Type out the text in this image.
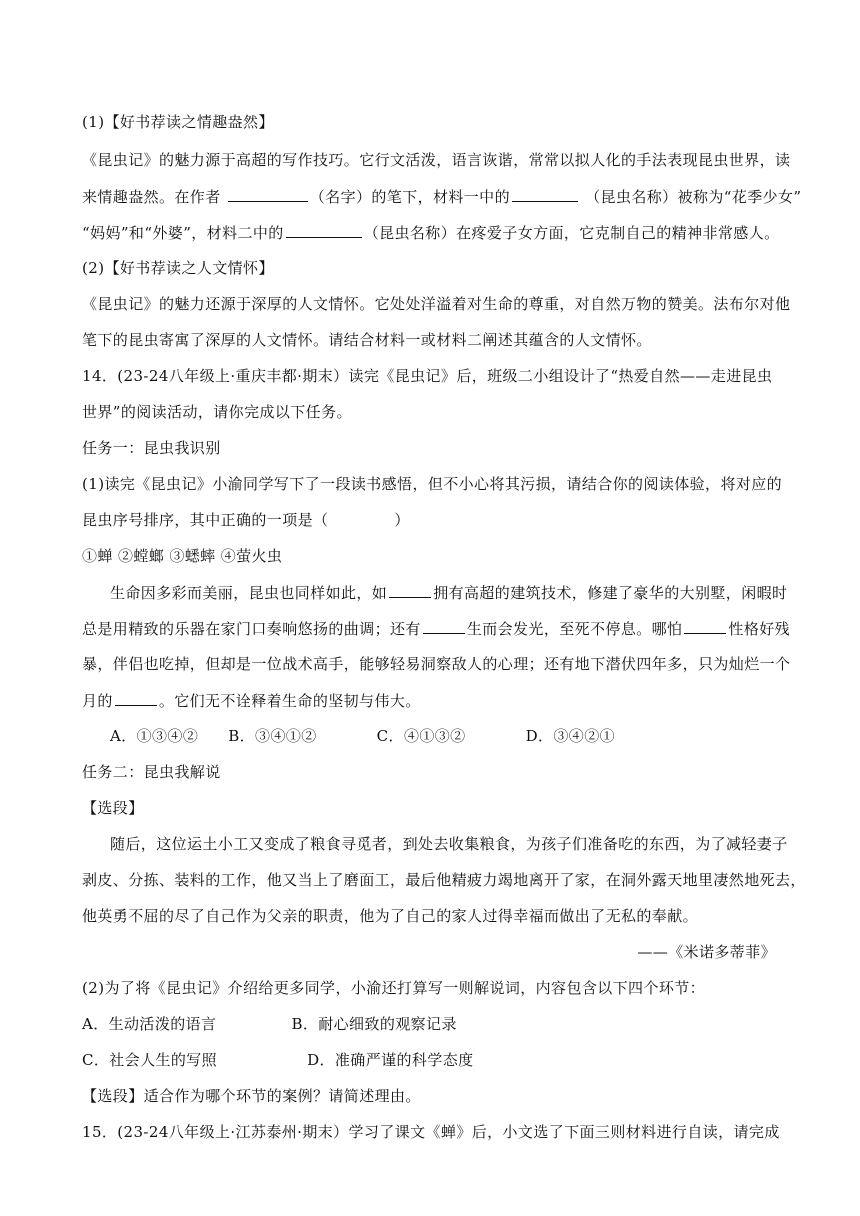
(1)【好书荐读之情趣盎然】
《昆虫记》的魅力源于高超的写作技巧。它行文活泼，语言诙谐，常常以拟人化的手法表现昆虫世界，读
来情趣盎然。在作者	（名字）的笔下，材料一中的	（昆虫名称）被称为“花季少女”
“妈妈”和“外婆”，材料二中的	（昆虫名称）在疼爱子女方面，它克制自己的精神非常感人。
(2)【好书荐读之人文情怀】
《昆虫记》的魅力还源于深厚的人文情怀。它处处洋溢着对生命的尊重，对自然万物的赞美。法布尔对他
笔下的昆虫寄寓了深厚的人文情怀。请结合材料一或材料二阐述其蕴含的人文情怀。
14．(23-24八年级上·重庆丰都·期末）读完《昆虫记》后，班级二小组设计了“热爱自然——走进昆虫
世界”的阅读活动，请你完成以下任务。
任务一：昆虫我识别
(1)读完《昆虫记》小渝同学写下了一段读书感悟，但不小心将其污损，请结合你的阅读体验，将对应的
昆虫序号排序，其中正确的一项是（	）
①蝉 ②螳螂 ③蟋蟀 ④萤火虫
生命因多彩而美丽，昆虫也同样如此，如	拥有高超的建筑技术，修建了豪华的大别墅，闲暇时
总是用精致的乐器在家门口奏响悠扬的曲调；还有	生而会发光，至死不停息。哪怕	性格好残
暴，伴侣也吃掉，但却是一位战术高手，能够轻易洞察敌人的心理；还有地下潜伏四年多，只为灿烂一个
月的	。它们无不诠释着生命的坚韧与伟大。
A．①③④② B．③④①②	C．④①③②	D．③④②①
任务二：昆虫我解说
【选段】
随后，这位运土小工又变成了粮食寻觅者，到处去收集粮食，为孩子们准备吃的东西，为了减轻妻子
剥皮、分拣、装料的工作，他又当上了磨面工，最后他精疲力竭地离开了家，在洞外露天地里凄然地死去，
他英勇不屈的尽了自己作为父亲的职责，他为了自己的家人过得幸福而做出了无私的奉献。
——《米诺多蒂菲》
(2)为了将《昆虫记》介绍给更多同学，小渝还打算写一则解说词，内容包含以下四个环节：
A．生动活泼的语言	B．耐心细致的观察记录
C．社会人生的写照	D．准确严谨的科学态度
【选段】适合作为哪个环节的案例？请简述理由。
15．(23-24八年级上·江苏泰州·期末）学习了课文《蝉》后，小文选了下面三则材料进行自读，请完成
